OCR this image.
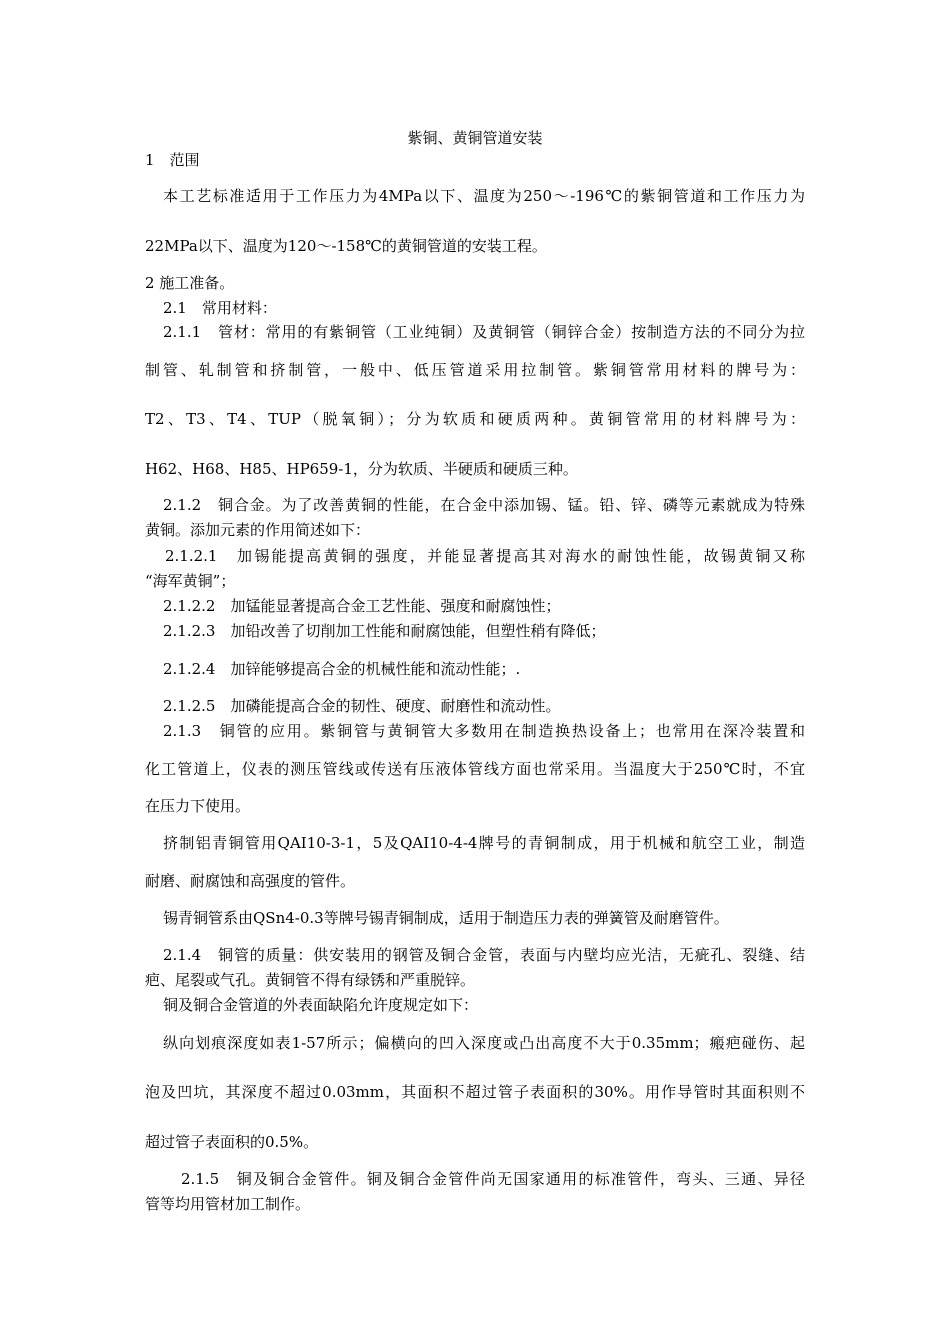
紫铜、黄铜管道安装
1　范围
本工艺标准适用于工作压力为4MPa以下、温度为250～-196℃的紫铜管道和工作压力为
22MPa以下、温度为120～-158℃的黄铜管道的安装工程。
2 施工准备。
2.1　常用材料：
2.1.1　管材：常用的有紫铜管（工业纯铜）及黄铜管（铜锌合金）按制造方法的不同分为拉
制管、轧制管和挤制管，一般中、低压管道采用拉制管。紫铜管常用材料的牌号为：
T2、T3、T4、TUP（脱氧铜）；分为软质和硬质两种。黄铜管常用的材料牌号为：
H62、H68、H85、HP659-1，分为软质、半硬质和硬质三种。
2.1.2　铜合金。为了改善黄铜的性能，在合金中添加锡、锰。铅、锌、磷等元素就成为特殊
黄铜。添加元素的作用简述如下：
2.1.2.1　加锡能提高黄铜的强度，并能显著提高其对海水的耐蚀性能，故锡黄铜又称
“海军黄铜”；
2.1.2.2　加锰能显著提高合金工艺性能、强度和耐腐蚀性；
2.1.2.3　加铅改善了切削加工性能和耐腐蚀能，但塑性稍有降低；
2.1.2.4　加锌能够提高合金的机械性能和流动性能；.
2.1.2.5　加磷能提高合金的韧性、硬度、耐磨性和流动性。
2.1.3　铜管的应用。紫铜管与黄铜管大多数用在制造换热设备上；也常用在深冷装置和
化工管道上，仪表的测压管线或传送有压液体管线方面也常采用。当温度大于250℃时，不宜
在压力下使用。
挤制铝青铜管用QAI10-3-1，5及QAI10-4-4牌号的青铜制成，用于机械和航空工业，制造
耐磨、耐腐蚀和高强度的管件。
锡青铜管系由QSn4-0.3等牌号锡青铜制成，适用于制造压力表的弹簧管及耐磨管件。
2.1.4　铜管的质量：供安装用的钢管及铜合金管，表面与内壁均应光洁，无疵孔、裂缝、结
疤、尾裂或气孔。黄铜管不得有绿锈和严重脱锌。
铜及铜合金管道的外表面缺陷允许度规定如下：
纵向划痕深度如表1-57所示；偏横向的凹入深度或凸出高度不大于0.35mm；瘢疤碰伤、起
泡及凹坑，其深度不超过0.03mm，其面积不超过管子表面积的30%。用作导管时其面积则不
超过管子表面积的0.5%。
2.1.5　铜及铜合金管件。铜及铜合金管件尚无国家通用的标准管件，弯头、三通、异径
管等均用管材加工制作。
